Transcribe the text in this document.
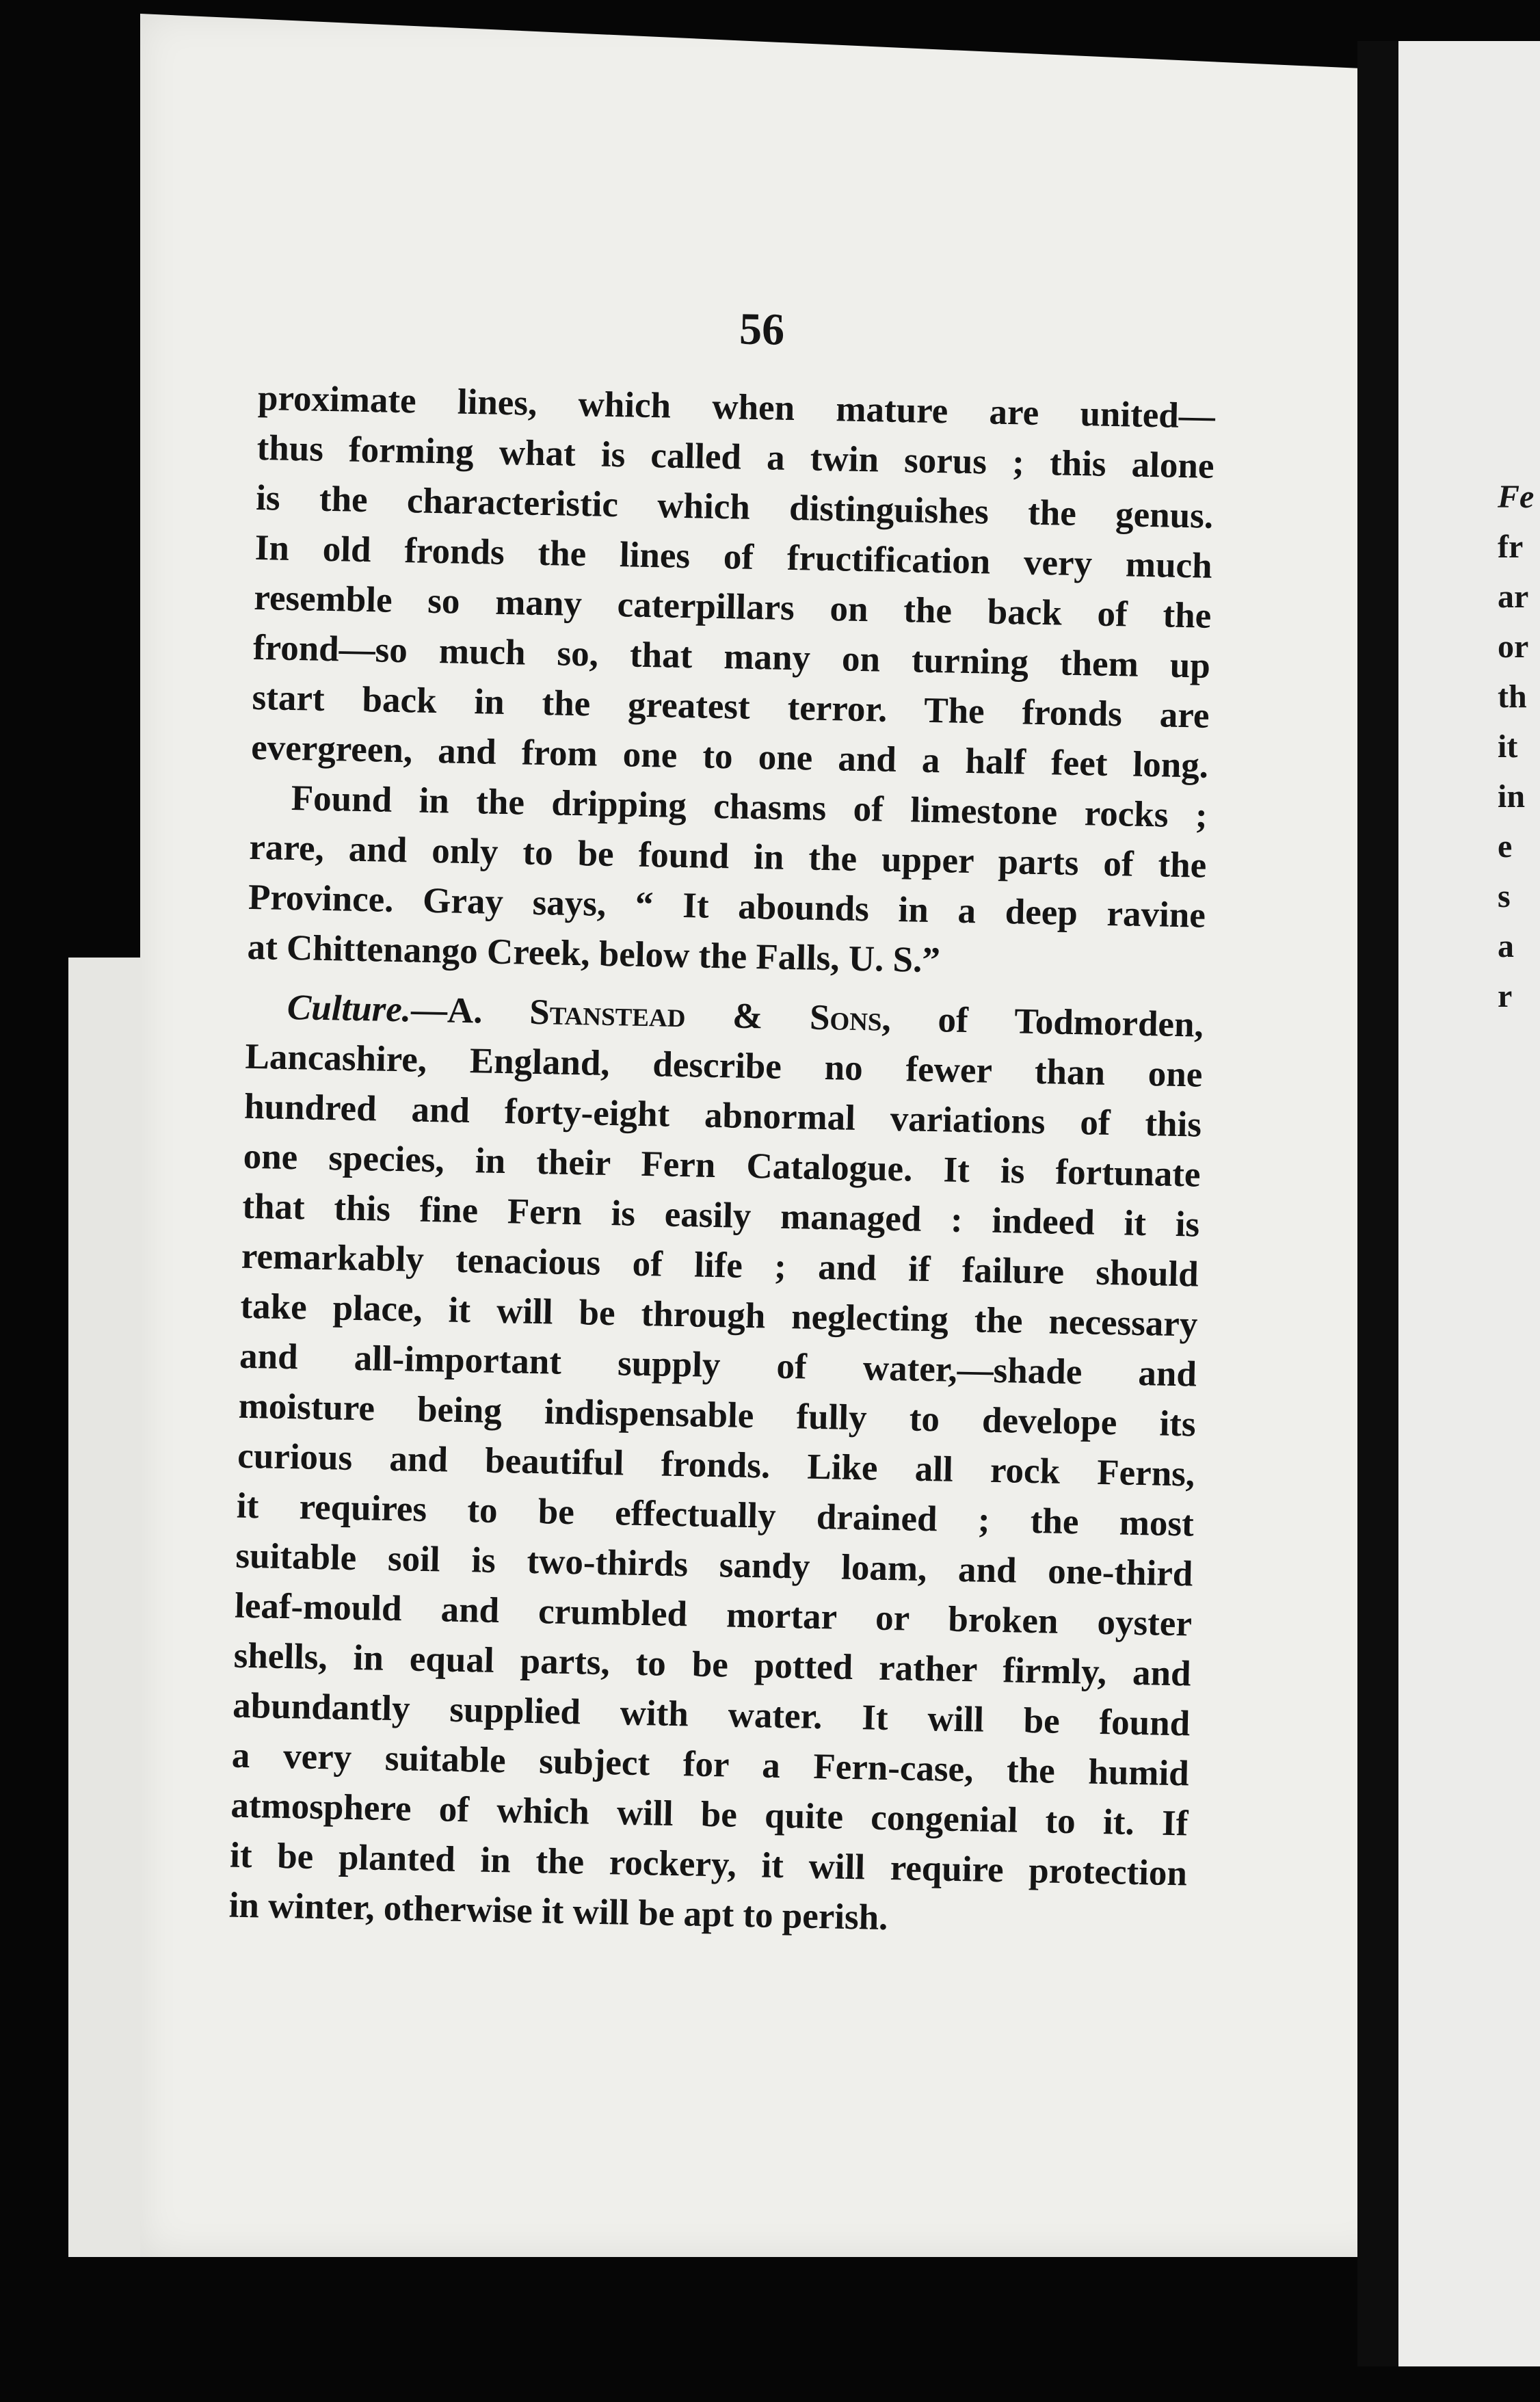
Fe
fr
ar
or
th
it
in
e
s
a
r
56
proximate lines, which when mature are united—
thus forming what is called a twin sorus ; this alone
is the characteristic which distinguishes the genus.
In old fronds the lines of fructification very much
resemble so many caterpillars on the back of the
frond—so much so, that many on turning them up
start back in the greatest terror. The fronds are
evergreen, and from one to one and a half feet long.
Found in the dripping chasms of limestone rocks ;
rare, and only to be found in the upper parts of the
Province. Gray says, “ It abounds in a deep ravine
at Chittenango Creek, below the Falls, U. S.”
Culture.—A. Stanstead & Sons, of Todmorden,
Lancashire, England, describe no fewer than one
hundred and forty-eight abnormal variations of this
one species, in their Fern Catalogue. It is fortunate
that this fine Fern is easily managed : indeed it is
remarkably tenacious of life ; and if failure should
take place, it will be through neglecting the necessary
and all-important supply of water,—shade and
moisture being indispensable fully to develope its
curious and beautiful fronds. Like all rock Ferns,
it requires to be effectually drained ; the most
suitable soil is two-thirds sandy loam, and one-third
leaf-mould and crumbled mortar or broken oyster
shells, in equal parts, to be potted rather firmly, and
abundantly supplied with water. It will be found
a very suitable subject for a Fern-case, the humid
atmosphere of which will be quite congenial to it. If
it be planted in the rockery, it will require protection
in winter, otherwise it will be apt to perish.
